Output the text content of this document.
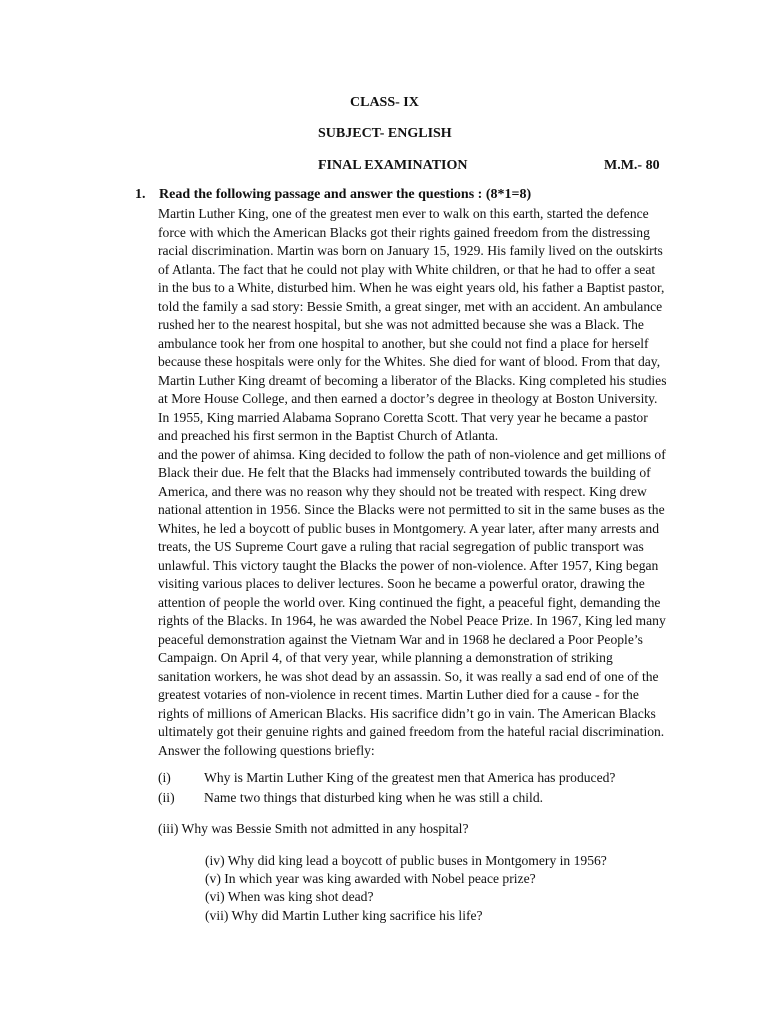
CLASS- IX
SUBJECT- ENGLISH
FINAL EXAMINATION	M.M.- 80
1. Read the following passage and answer the questions : (8*1=8)
Martin Luther King, one of the greatest men ever to walk on this earth, started the defence
force with which the American Blacks got their rights gained freedom from the distressing
racial discrimination. Martin was born on January 15, 1929. His family lived on the outskirts
of Atlanta. The fact that he could not play with White children, or that he had to offer a seat
in the bus to a White, disturbed him. When he was eight years old, his father a Baptist pastor,
told the family a sad story: Bessie Smith, a great singer, met with an accident. An ambulance
rushed her to the nearest hospital, but she was not admitted because she was a Black. The
ambulance took her from one hospital to another, but she could not find a place for herself
because these hospitals were only for the Whites. She died for want of blood. From that day,
Martin Luther King dreamt of becoming a liberator of the Blacks. King completed his studies
at More House College, and then earned a doctor’s degree in theology at Boston University.
In 1955, King married Alabama Soprano Coretta Scott. That very year he became a pastor
and preached his first sermon in the Baptist Church of Atlanta.
and the power of ahimsa. King decided to follow the path of non-violence and get millions of
Black their due. He felt that the Blacks had immensely contributed towards the building of
America, and there was no reason why they should not be treated with respect. King drew
national attention in 1956. Since the Blacks were not permitted to sit in the same buses as the
Whites, he led a boycott of public buses in Montgomery. A year later, after many arrests and
treats, the US Supreme Court gave a ruling that racial segregation of public transport was
unlawful. This victory taught the Blacks the power of non-violence. After 1957, King began
visiting various places to deliver lectures. Soon he became a powerful orator, drawing the
attention of people the world over. King continued the fight, a peaceful fight, demanding the
rights of the Blacks. In 1964, he was awarded the Nobel Peace Prize. In 1967, King led many
peaceful demonstration against the Vietnam War and in 1968 he declared a Poor People’s
Campaign. On April 4, of that very year, while planning a demonstration of striking
sanitation workers, he was shot dead by an assassin. So, it was really a sad end of one of the
greatest votaries of non-violence in recent times. Martin Luther died for a cause - for the
rights of millions of American Blacks. His sacrifice didn’t go in vain. The American Blacks
ultimately got their genuine rights and gained freedom from the hateful racial discrimination.
Answer the following questions briefly:
(i) Why is Martin Luther King of the greatest men that America has produced?
(ii) Name two things that disturbed king when he was still a child.
(iii) Why was Bessie Smith not admitted in any hospital?
(iv) Why did king lead a boycott of public buses in Montgomery in 1956?
(v) In which year was king awarded with Nobel peace prize?
(vi) When was king shot dead?
(vii) Why did Martin Luther king sacrifice his life?
